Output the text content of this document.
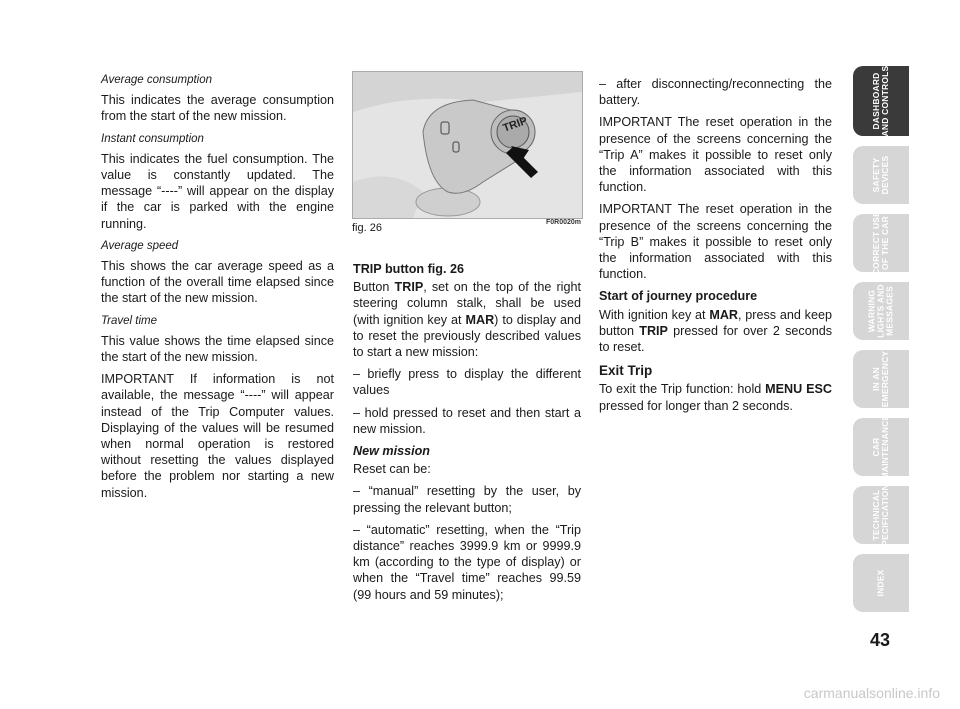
Average consumption

This indicates the average consumption from the start of the new mission.

Instant consumption

This indicates the fuel consumption. The value is constantly updated. The message “----” will appear on the display if the car is parked with the engine running.

Average speed

This shows the car average speed as a function of the overall time elapsed since the start of the new mission.

Travel time

This value shows the time elapsed since the start of the new mission.

IMPORTANT If information is not available, the message “----” will appear instead of the Trip Computer values. Displaying of the values will be resumed when normal operation is restored without resetting the values displayed before the problem nor starting a new mission.

TRIP
fig. 26	F0R0020m

TRIP button fig. 26

Button TRIP, set on the top of the right steering column stalk, shall be used (with ignition key at MAR) to display and to reset the previously described values to start a new mission:

– briefly press to display the different values

– hold pressed to reset and then start a new mission.

New mission

Reset can be:

– “manual” resetting by the user, by pressing the relevant button;

– “automatic” resetting, when the “Trip distance” reaches 3999.9 km or 9999.9 km (according to the type of display) or when the “Travel time” reaches 99.59 (99 hours and 59 minutes);

– after disconnecting/reconnecting the battery.

IMPORTANT The reset operation in the presence of the screens concerning the “Trip A” makes it possible to reset only the information associated with this function.

IMPORTANT The reset operation in the presence of the screens concerning the “Trip B” makes it possible to reset only the information associated with this function.

Start of journey procedure

With ignition key at MAR, press and keep button TRIP pressed for over 2 seconds to reset.

Exit Trip

To exit the Trip function: hold MENU ESC pressed for longer than 2 seconds.

DASHBOARD
AND CONTROLS
SAFETY
DEVICES
CORRECT USE
OF THE CAR
WARNING
LIGHTS AND
MESSAGES
IN AN
EMERGENCY
CAR
MAINTENANCE
TECHNICAL
SPECIFICATIONS
INDEX
43
carmanualsonline.info
